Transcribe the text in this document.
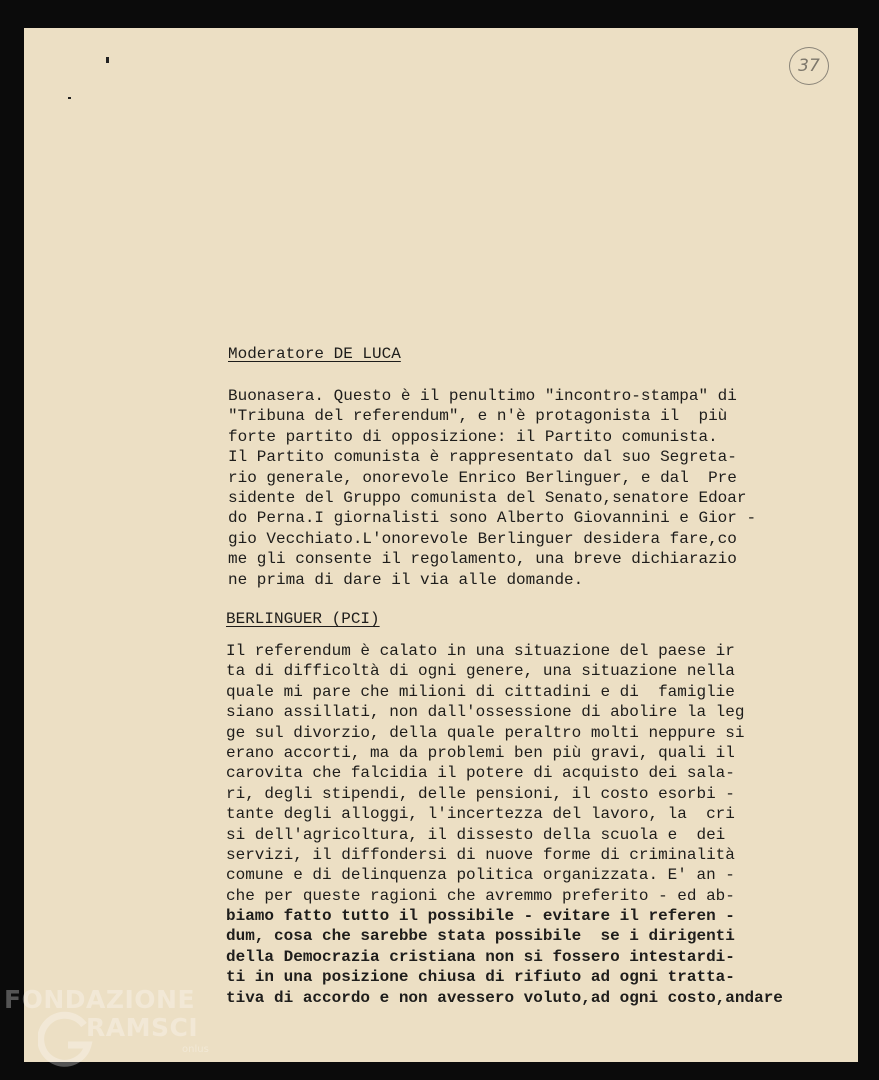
37
Moderatore DE LUCA
Buonasera. Questo è il penultimo "incontro-stampa" di
"Tribuna del referendum", e n'è protagonista il  più
forte partito di opposizione: il Partito comunista.
Il Partito comunista è rappresentato dal suo Segreta-
rio generale, onorevole Enrico Berlinguer, e dal  Pre
sidente del Gruppo comunista del Senato,senatore Edoar
do Perna.I giornalisti sono Alberto Giovannini e Gior -
gio Vecchiato.L'onorevole Berlinguer desidera fare,co
me gli consente il regolamento, una breve dichiarazio
ne prima di dare il via alle domande.
BERLINGUER (PCI)
Il referendum è calato in una situazione del paese ir
ta di difficoltà di ogni genere, una situazione nella
quale mi pare che milioni di cittadini e di  famiglie
siano assillati, non dall'ossessione di abolire la leg
ge sul divorzio, della quale peraltro molti neppure si
erano accorti, ma da problemi ben più gravi, quali il
carovita che falcidia il potere di acquisto dei sala-
ri, degli stipendi, delle pensioni, il costo esorbi -
tante degli alloggi, l'incertezza del lavoro, la  cri
si dell'agricoltura, il dissesto della scuola e  dei
servizi, il diffondersi di nuove forme di criminalità
comune e di delinquenza politica organizzata. E' an -
che per queste ragioni che avremmo preferito - ed ab-
biamo fatto tutto il possibile - evitare il referen -
dum, cosa che sarebbe stata possibile  se i dirigenti
della Democrazia cristiana non si fossero intestardi-
ti in una posizione chiusa di rifiuto ad ogni tratta-
tiva di accordo e non avessero voluto,ad ogni costo,andare
FONDAZIONE
RAMSCI
onlus
